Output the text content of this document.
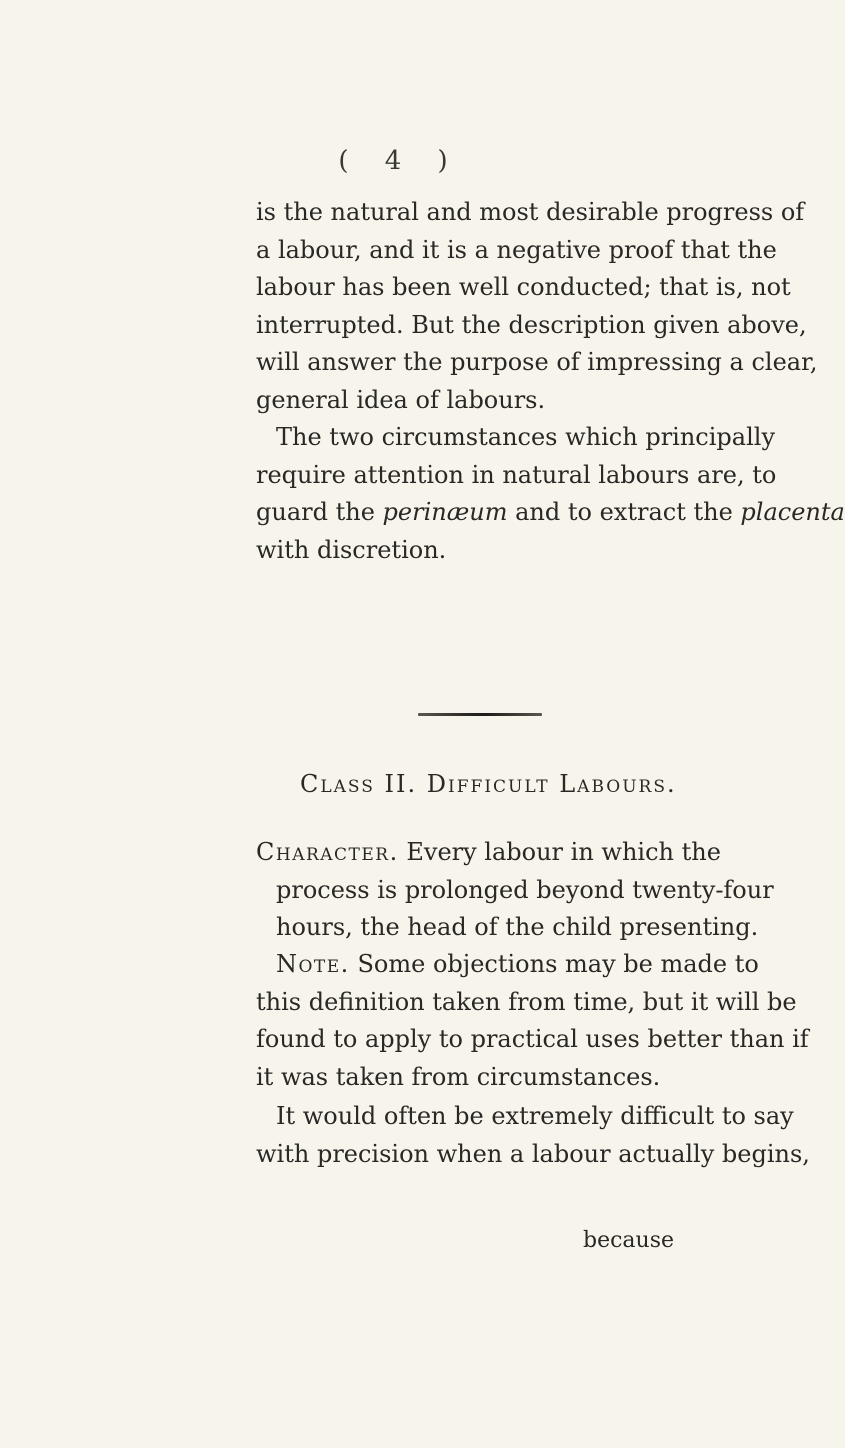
( 4 )
is the natural and most desirable progress of
a labour, and it is a negative proof that the
labour has been well conducted; that is, not
interrupted. But the description given above,
will answer the purpose of impressing a clear,
general idea of labours.
The two circumstances which principally
require attention in natural labours are, to
guard the perinæum and to extract the placenta
with discretion.
Class II. Difficult Labours.
Character. Every labour in which the
process is prolonged beyond twenty-four
hours, the head of the child presenting.
Note. Some objections may be made to
this definition taken from time, but it will be
found to apply to practical uses better than if
it was taken from circumstances.
It would often be extremely difficult to say
with precision when a labour actually begins,
because
